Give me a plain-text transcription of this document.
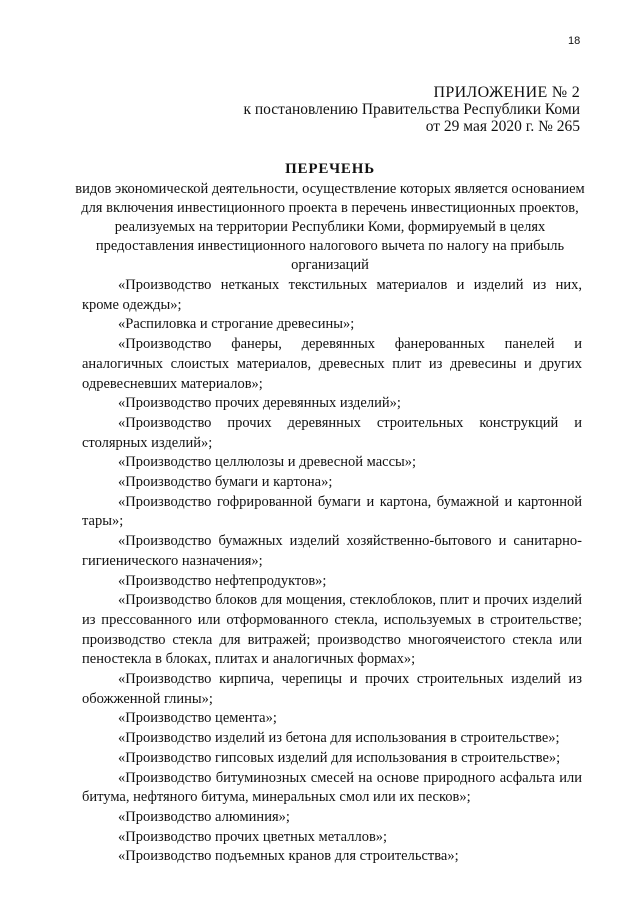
18
ПРИЛОЖЕНИЕ № 2
к постановлению Правительства Республики Коми
от 29 мая 2020 г. № 265
ПЕРЕЧЕНЬ
видов экономической деятельности, осуществление которых является основанием для включения инвестиционного проекта в перечень инвестиционных проектов, реализуемых на территории Республики Коми, формируемый в целях предоставления инвестиционного налогового вычета по налогу на прибыль организаций

«Производство нетканых текстильных материалов и изделий из них, кроме одежды»;

«Распиловка и строгание древесины»;

«Производство фанеры, деревянных фанерованных панелей и аналогичных слоистых материалов, древесных плит из древесины и других одревесневших материалов»;

«Производство прочих деревянных изделий»;

«Производство прочих деревянных строительных конструкций и столярных изделий»;

«Производство целлюлозы и древесной массы»;

«Производство бумаги и картона»;

«Производство гофрированной бумаги и картона, бумажной и картонной тары»;

«Производство бумажных изделий хозяйственно-бытового и санитарно-гигиенического назначения»;

«Производство нефтепродуктов»;

«Производство блоков для мощения, стеклоблоков, плит и прочих изделий из прессованного или отформованного стекла, используемых в строительстве; производство стекла для витражей; производство многоячеистого стекла или пеностекла в блоках, плитах и аналогичных формах»;

«Производство кирпича, черепицы и прочих строительных изделий из обожженной глины»;

«Производство цемента»;

«Производство изделий из бетона для использования в строительстве»;

«Производство гипсовых изделий для использования в строительстве»;

«Производство битуминозных смесей на основе природного асфальта или битума, нефтяного битума, минеральных смол или их песков»;

«Производство алюминия»;

«Производство прочих цветных металлов»;

«Производство подъемных кранов для строительства»;
